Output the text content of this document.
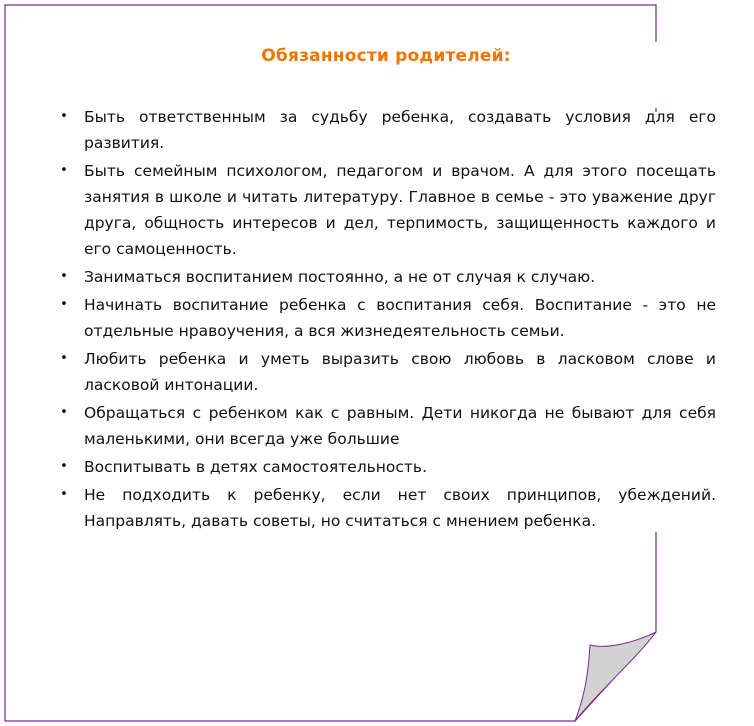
Обязанности родителей:
• Быть ответственным за судьбу ребенка, создавать условия для его развития.
• Быть семейным психологом, педагогом и врачом. А для этого посещать занятия в школе и читать литературу. Главное в семье - это уважение друг друга, общность интересов и дел, терпимость, защищенность каждого и его самоценность.
• Заниматься воспитанием постоянно, а не от случая к случаю.
• Начинать воспитание ребенка с воспитания себя. Воспитание - это не отдельные нравоучения, а вся жизнедеятельность семьи.
• Любить ребенка и уметь выразить свою любовь в ласковом слове и ласковой интонации.
• Обращаться с ребенком как с равным. Дети никогда не бывают для себя маленькими, они всегда уже большие
• Воспитывать в детях самостоятельность.
• Не подходить к ребенку, если нет своих принципов, убеждений. Направлять, давать советы, но считаться с мнением ребенка.
